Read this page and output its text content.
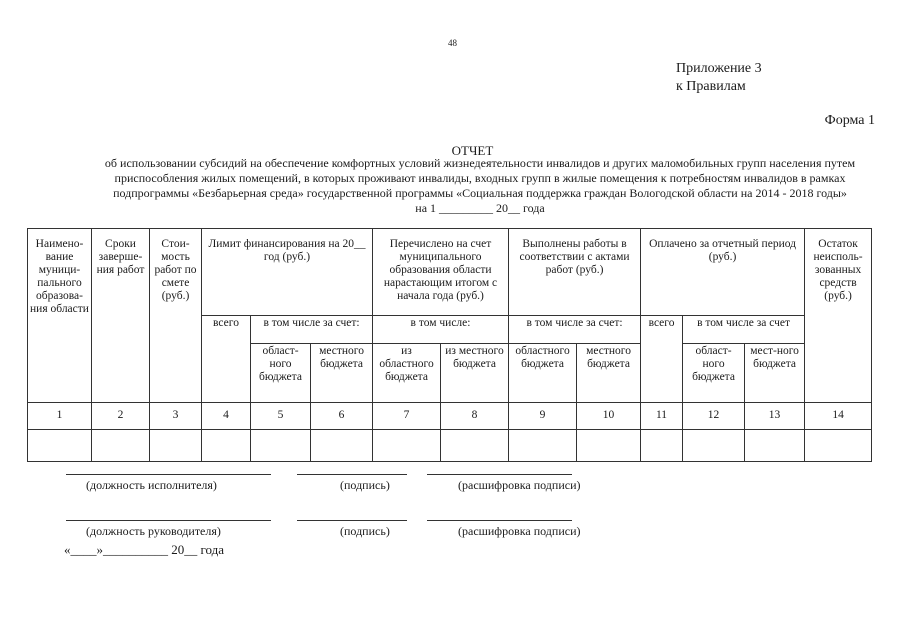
48
Приложение 3
к Правилам
Форма 1
ОТЧЕТ
об использовании субсидий на обеспечение комфортных условий жизнедеятельности инвалидов и других маломобильных групп населения путем
приспособления жилых помещений, в которых проживают инвалиды, входных групп в жилые помещения к потребностям инвалидов в рамках
подпрограммы «Безбарьерная среда» государственной программы «Социальная поддержка граждан Вологодской области на 2014 - 2018 годы»
на 1 _________ 20__ года
Наимено-вание муници-пального образова-ния области	Сроки заверше-ния работ	Стои-мость работ по смете (руб.)	Лимит финансирования на 20__ год (руб.)			Перечислено на счет муниципального образования области нарастающим итогом с начала года (руб.)		Выполнены работы в соответствии с актами работ (руб.)		Оплачено за отчетный период (руб.)			Остаток неисполь-зованных средств (руб.)
			всего	в том числе за счет:		в том числе:		в том числе за счет:		всего	в том числе за счет		
				област-ного бюджета	местного бюджета	из областного бюджета	из местного бюджета	областного бюджета	местного бюджета		област-ного бюджета	мест-ного бюджета	
1	2	3	4	5	6	7	8	9	10	11	12	13	14

(должность исполнителя)	(подпись)	(расшифровка подписи)
(должность руководителя)	(подпись)	(расшифровка подписи)
«____»__________ 20__ года
